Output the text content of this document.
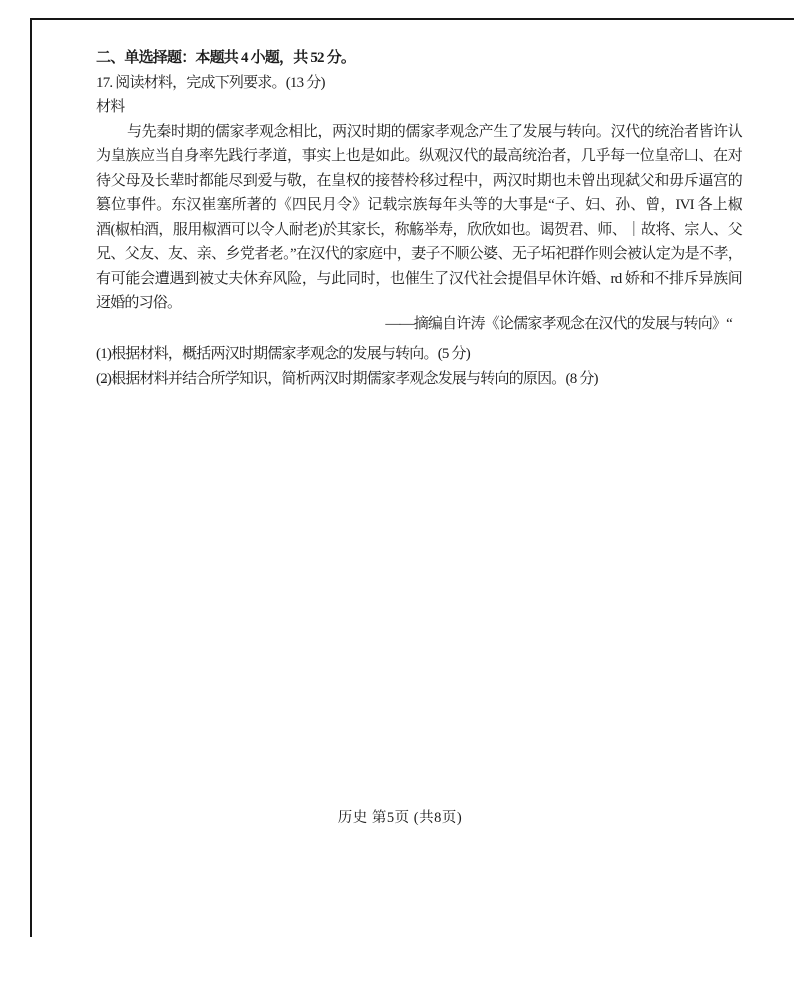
二、单选择题：本题共 4 小题，共 52 分。
17. 阅读材料，完成下列要求。(13 分)
材料
与先秦时期的儒家孝观念相比，两汉时期的儒家孝观念产生了发展与转向。汉代的统治者皆许认
为皇族应当自身率先践行孝道，事实上也是如此。纵观汉代的最高统治者，几乎每一位皇帝凵、在对
待父母及长辈时都能尽到爱与敬，在皇权的接替柃移过程中，两汉时期也未曾出现弑父和毋斥逼宫的
篡位事件。东汉崔塞所著的《四民月令》记载宗族每年头等的大事是“子、妇、孙、曾，IVI 各上椒
酒(椒柏酒，服用椒酒可以令人耐老)於其家长，称觞举寿，欣欣如也。谒贺君、师、｜故将、宗人、父
兄、父友、友、亲、乡党者老。”在汉代的家庭中，妻子不顺公婆、无子坧祀群作则会被认定为是不孝，
有可能会遭遇到被丈夫休弃风险，与此同时，也催生了汉代社会提倡早休许婚、rd 娇和不排斥异族间
迓婚的习俗。
——摘编自许涛《论儒家孝观念在汉代的发展与转向》“
(1)根据材料，概括两汉时期儒家孝观念的发展与转向。(5 分)
(2)根据材料并结合所学知识，简析两汉时期儒家孝观念发展与转向的原因。(8 分)
历史 第5页 (共8页)
